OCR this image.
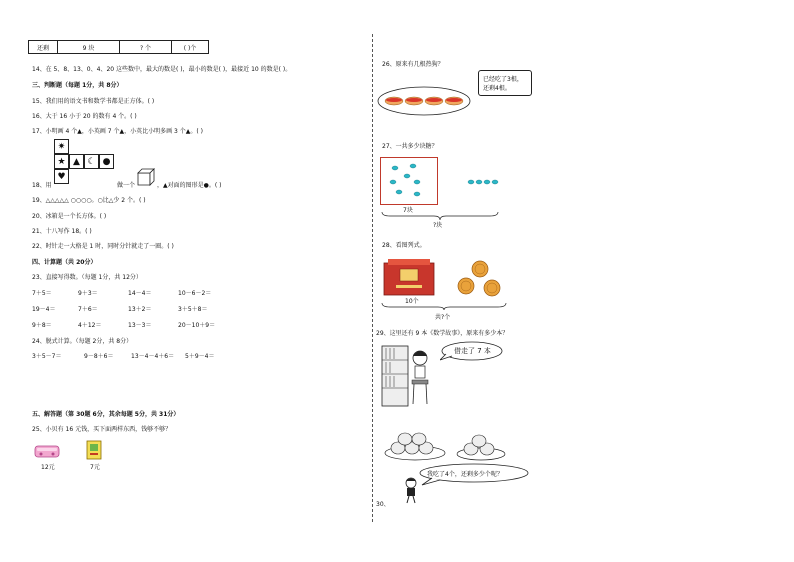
还剩	9 块	? 个	( )个
14、在 5、8、13、0、4、20 这些数中，最大的数是( )，最小的数是( )，最接近 10 的数是( )。
三、判断题（每题 1分，共 8分）
15、我们用的语文书和数学书都是正方体。( )
16、大于 16 小于 20 的数有 4 个。( )
17、小明画 4 个▲，小英画 7 个▲，小英比小明多画 3 个▲。( )
✷
★ ▲ ☾ ●
♥
18、用	做一个	，▲对面的图形是●。( )
19、△△△△△ ○○○○。○比△少 2 个。( )
20、冰箱是一个长方体。( )
21、十八写作 18。( )
22、时针走一大格是 1 时，同时分针就走了一圈。( )
四、计算题（共 20分）
23、直接写得数。（每题 1分，共 12分）
7＋5＝	9＋3＝	14－4＝	10－6－2＝
19－4＝	7＋6＝	13＋2＝	3＋5＋8＝
9＋8＝	4＋12＝	13－3＝	20－10＋9＝
24、脱式计算。（每题 2分，共 8分）
3＋5－7＝	9－8＋6＝	13－4－4＋6＝ 5＋9－4＝
五、解答题（第 30题 6分，其余每题 5分，共 31分）
25、小贝有 16 元钱，买下面两样东西，钱够不够？
12元	7元
26、原来有几根热狗？
已经吃了3根，
还剩4根。
27、一共多少块糖？
7块
?块
28、看图列式。
10个
共?个
29、这里还有 9 本《数学故事》，原来有多少本？
借走了 7 本
我吃了4个，还剩多少个呢？
30、
